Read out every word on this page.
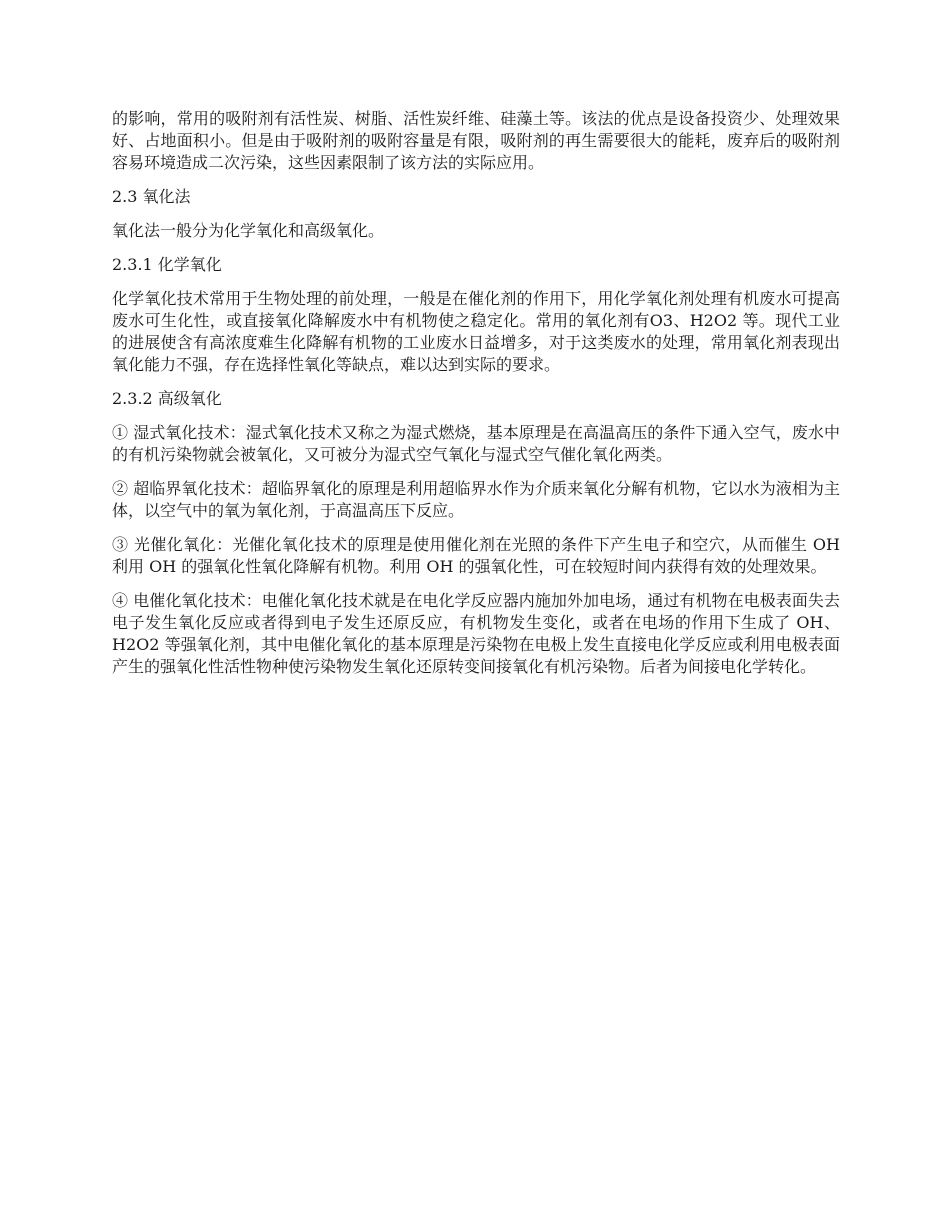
的影响，常用的吸附剂有活性炭、树脂、活性炭纤维、硅藻土等。该法的优点是设备投资少、处理效果好、占地面积小。但是由于吸附剂的吸附容量是有限，吸附剂的再生需要很大的能耗，废弃后的吸附剂容易环境造成二次污染，这些因素限制了该方法的实际应用。

2.3 氧化法

氧化法一般分为化学氧化和高级氧化。

2.3.1 化学氧化

化学氧化技术常用于生物处理的前处理，一般是在催化剂的作用下，用化学氧化剂处理有机废水可提高废水可生化性，或直接氧化降解废水中有机物使之稳定化。常用的氧化剂有O3、H2O2 等。现代工业的进展使含有高浓度难生化降解有机物的工业废水日益增多，对于这类废水的处理，常用氧化剂表现出氧化能力不强，存在选择性氧化等缺点，难以达到实际的要求。

2.3.2 高级氧化

① 湿式氧化技术：湿式氧化技术又称之为湿式燃烧，基本原理是在高温高压的条件下通入空气，废水中的有机污染物就会被氧化，又可被分为湿式空气氧化与湿式空气催化氧化两类。

② 超临界氧化技术：超临界氧化的原理是利用超临界水作为介质来氧化分解有机物，它以水为液相为主体，以空气中的氧为氧化剂，于高温高压下反应。

③ 光催化氧化：光催化氧化技术的原理是使用催化剂在光照的条件下产生电子和空穴，从而催生 OH 利用 OH 的强氧化性氧化降解有机物。利用 OH 的强氧化性，可在较短时间内获得有效的处理效果。

④ 电催化氧化技术：电催化氧化技术就是在电化学反应器内施加外加电场，通过有机物在电极表面失去电子发生氧化反应或者得到电子发生还原反应，有机物发生变化，或者在电场的作用下生成了 OH、H2O2 等强氧化剂，其中电催化氧化的基本原理是污染物在电极上发生直接电化学反应或利用电极表面产生的强氧化性活性物种使污染物发生氧化还原转变间接氧化有机污染物。后者为间接电化学转化。
